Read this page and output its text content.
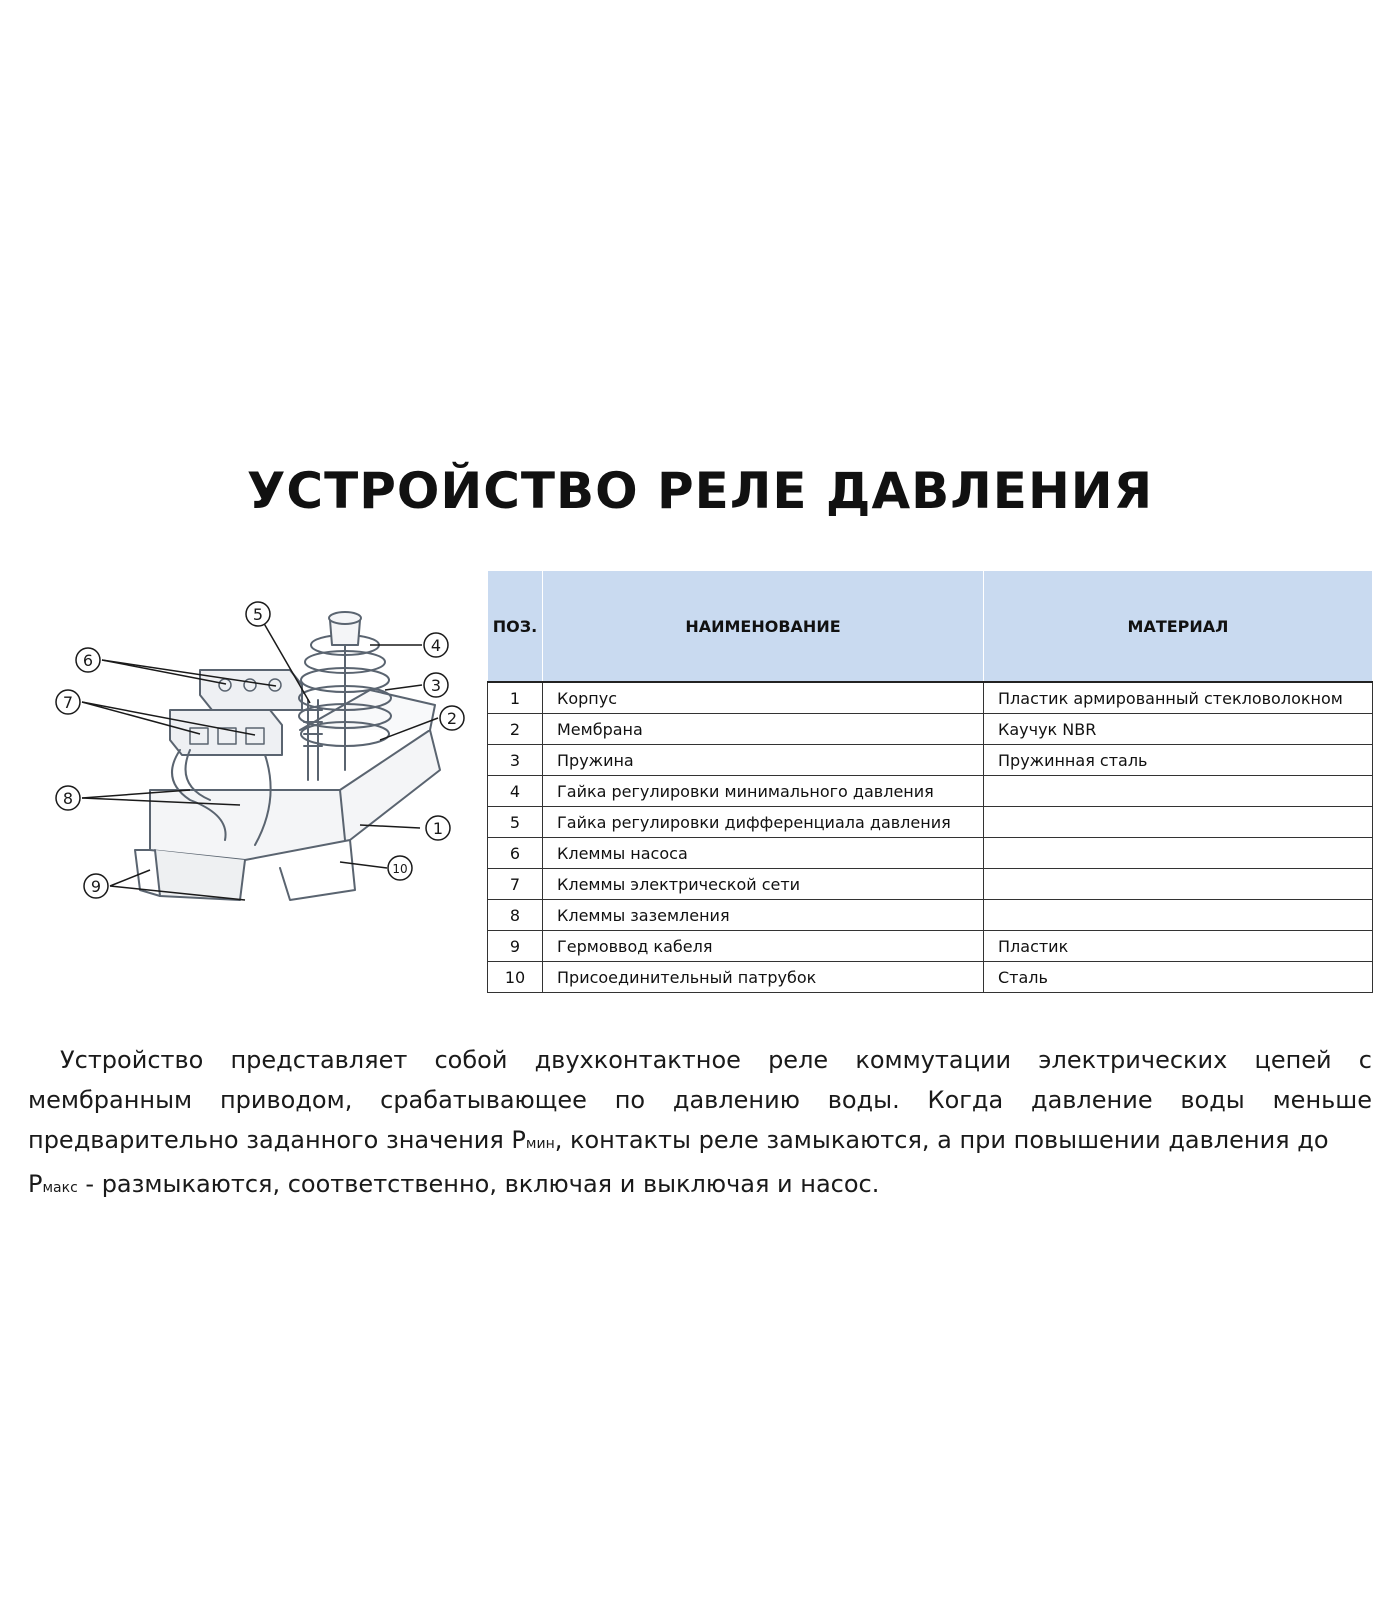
УСТРОЙСТВО РЕЛЕ ДАВЛЕНИЯ
1
2
3
4
5
6
7
8
9
10
ПОЗ.	НАИМЕНОВАНИЕ	МАТЕРИАЛ
1	Корпус	Пластик армированный стекловолокном
2	Мембрана	Каучук NBR
3	Пружина	Пружинная сталь
4	Гайка регулировки минимального давления	
5	Гайка регулировки дифференциала давления	
6	Клеммы насоса	
7	Клеммы электрической сети	
8	Клеммы заземления	
9	Гермоввод кабеля	Пластик
10	Присоединительный патрубок	Сталь

Устройство представляет собой двухконтактное реле коммутации электрических цепей с мембранным приводом, срабатывающее по давлению воды. Когда давление воды меньше предварительно заданного значения Рмин, контакты реле замыкаются, а при повышении давления до
Рмакс - размыкаются, соответственно, включая и выключая и насос.
